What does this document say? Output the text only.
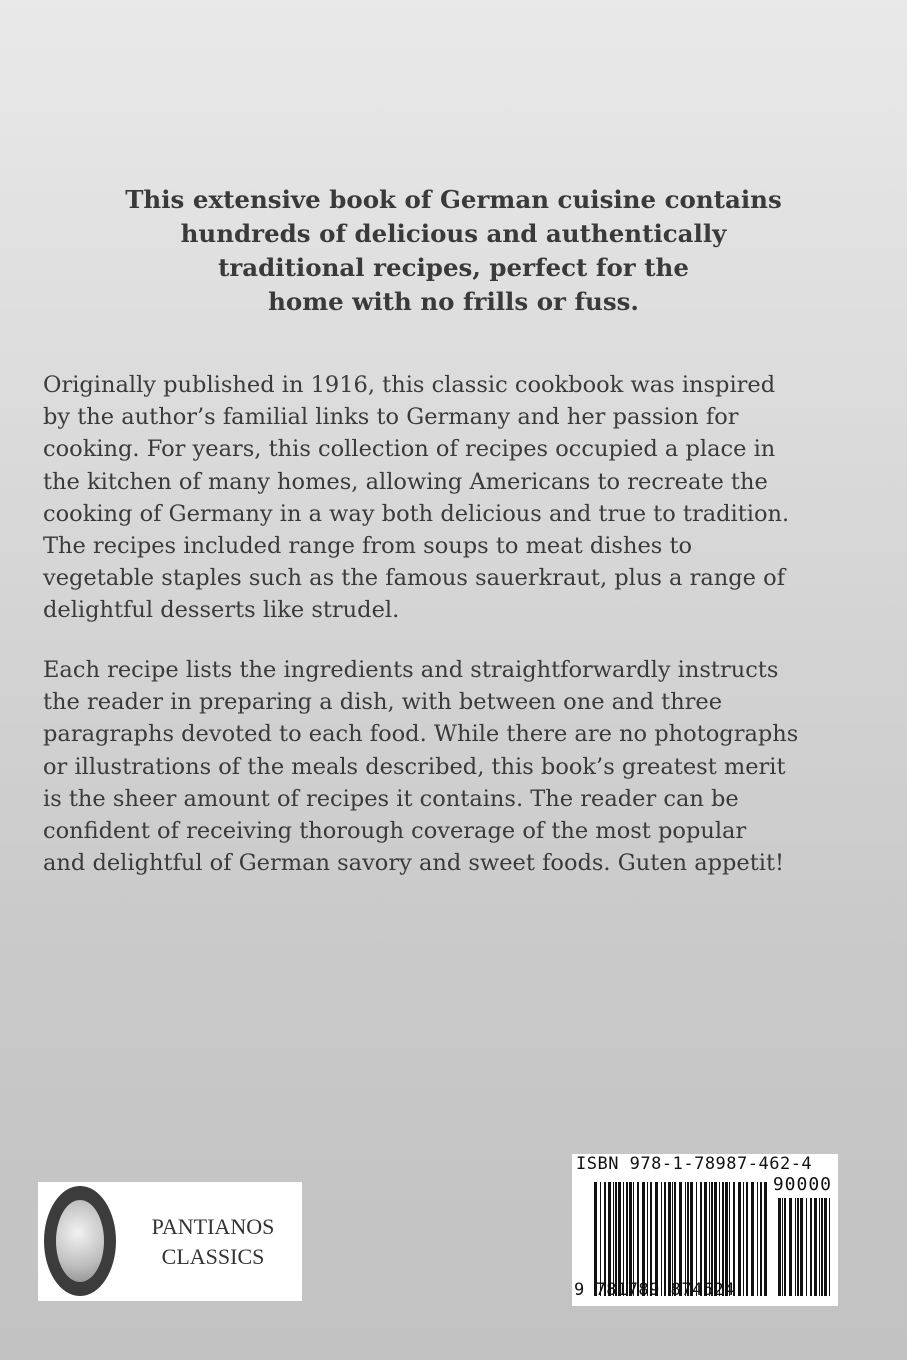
This extensive book of German cuisine contains
hundreds of delicious and authentically
traditional recipes, perfect for the
home with no frills or fuss.
Originally published in 1916, this classic cookbook was inspired
by the author’s familial links to Germany and her passion for
cooking. For years, this collection of recipes occupied a place in
the kitchen of many homes, allowing Americans to recreate the
cooking of Germany in a way both delicious and true to tradition.
The recipes included range from soups to meat dishes to
vegetable staples such as the famous sauerkraut, plus a range of
delightful desserts like strudel.
Each recipe lists the ingredients and straightforwardly instructs
the reader in preparing a dish, with between one and three
paragraphs devoted to each food. While there are no photographs
or illustrations of the meals described, this book’s greatest merit
is the sheer amount of recipes it contains. The reader can be
confident of receiving thorough coverage of the most popular
and delightful of German savory and sweet foods. Guten appetit!
PANTIANOS
CLASSICS
ISBN 978-1-78987-462-4
90000
9 781789 874624
